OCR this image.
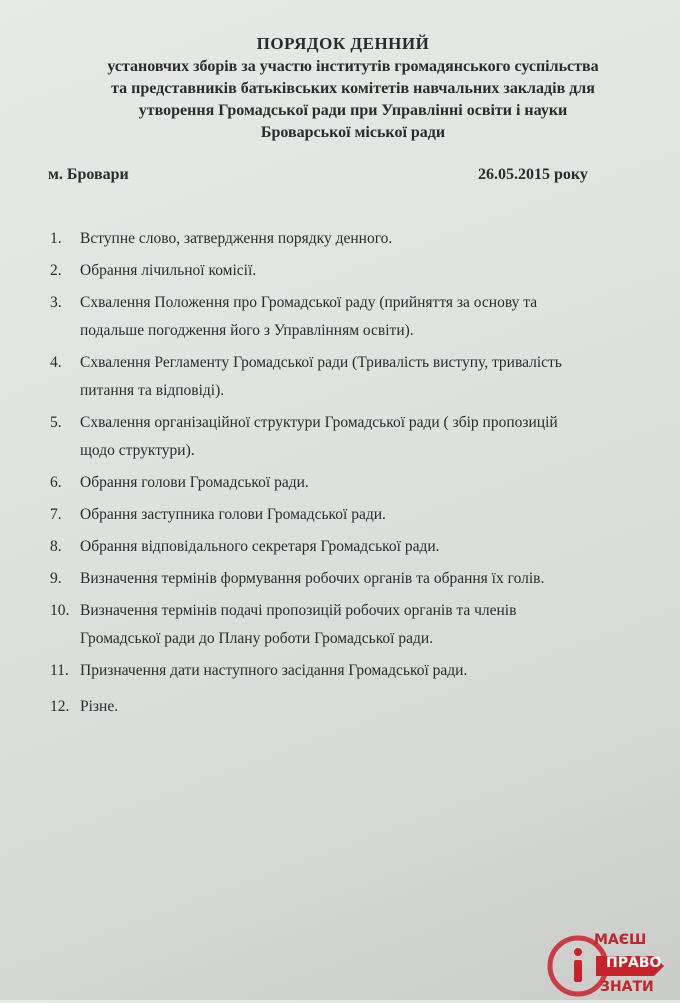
ПОРЯДОК ДЕННИЙ
установчих зборів за участю інститутів громадянського суспільства
та представників батьківських комітетів навчальних закладів для
утворення Громадської ради при Управлінні освіти і науки
Броварської міської ради
м. Бровари	26.05.2015 року
1.	Вступне слово, затвердження порядку денного.
2.	Обрання лічильної комісії.
3.	Схвалення Положення про Громадської раду (прийняття за основу та
подальше погодження його з Управлінням освіти).
4.	Схвалення Регламенту Громадської ради (Тривалість виступу, тривалість
питання та відповіді).
5.	Схвалення організаційної структури Громадської ради ( збір пропозицій
щодо структури).
6.	Обрання голови Громадської ради.
7.	Обрання заступника голови Громадської ради.
8.	Обрання відповідального секретаря Громадської ради.
9.	Визначення термінів формування робочих органів та обрання їх голів.
10. Визначення термінів подачі пропозицій робочих органів та членів
Громадської ради до Плану роботи Громадської ради.
11. Призначення дати наступного засідання Громадської ради.
12. Різне.
МАЄШ
ПРАВО
ЗНАТИ
